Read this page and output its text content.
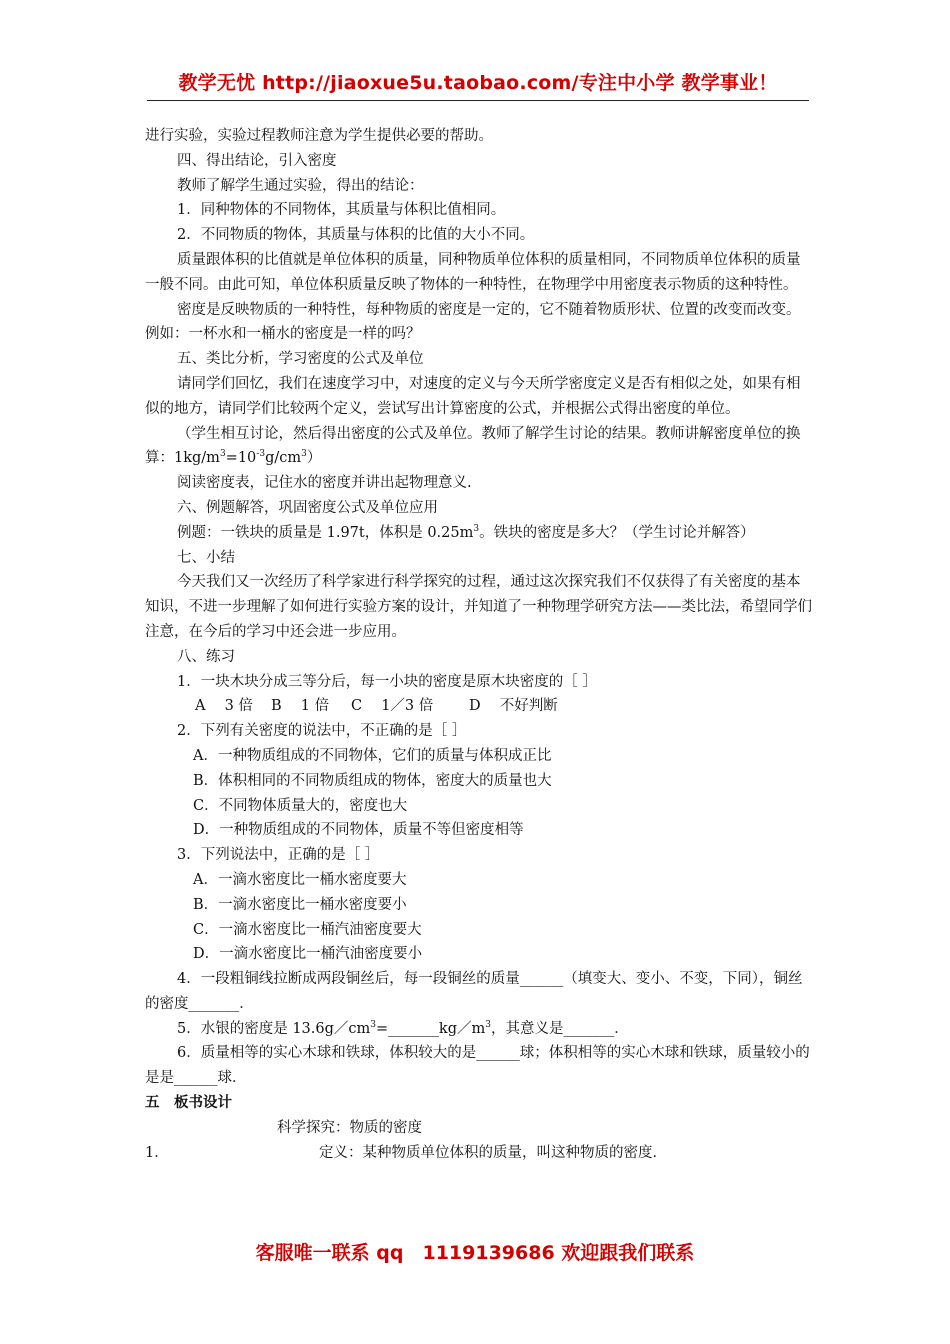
教学无忧 http://jiaoxue5u.taobao.com/专注中小学 教学事业！

进行实验，实验过程教师注意为学生提供必要的帮助。

四、得出结论，引入密度

教师了解学生通过实验，得出的结论：

1．同种物体的不同物体，其质量与体积比值相同。

2．不同物质的物体，其质量与体积的比值的大小不同。

质量跟体积的比值就是单位体积的质量，同种物质单位体积的质量相同，不同物质单位体积的质量一般不同。由此可知，单位体积质量反映了物体的一种特性，在物理学中用密度表示物质的这种特性。

密度是反映物质的一种特性，每种物质的密度是一定的，它不随着物质形状、位置的改变而改变。例如：一杯水和一桶水的密度是一样的吗？

五、类比分析，学习密度的公式及单位

请同学们回忆，我们在速度学习中，对速度的定义与今天所学密度定义是否有相似之处，如果有相似的地方，请同学们比较两个定义，尝试写出计算密度的公式，并根据公式得出密度的单位。

（学生相互讨论，然后得出密度的公式及单位。教师了解学生讨论的结果。教师讲解密度单位的换算：$1kg/m^3=10^{-3}g/cm^3$）

阅读密度表，记住水的密度并讲出起物理意义.

六、例题解答，巩固密度公式及单位应用

例题：一铁块的质量是 1.97t，体积是 $0.25m^3$。铁块的密度是多大？（学生讨论并解答）

七、小结

今天我们又一次经历了科学家进行科学探究的过程，通过这次探究我们不仅获得了有关密度的基本知识，不进一步理解了如何进行实验方案的设计，并知道了一种物理学研究方法——类比法，希望同学们注意，在今后的学习中还会进一步应用。

八、练习

1．一块木块分成三等分后，每一小块的密度是原木块密度的［ ］

A　 3 倍 B　 1 倍 C　 1／3 倍 D　 不好判断

2．下列有关密度的说法中，不正确的是［ ］

A．一种物质组成的不同物体，它们的质量与体积成正比

B．体积相同的不同物质组成的物体，密度大的质量也大

C．不同物体质量大的，密度也大

D．一种物质组成的不同物体，质量不等但密度相等

3．下列说法中，正确的是［ ］

A．一滴水密度比一桶水密度要大

B．一滴水密度比一桶水密度要小

C．一滴水密度比一桶汽油密度要大

D．一滴水密度比一桶汽油密度要小

4．一段粗铜线拉断成两段铜丝后，每一段铜丝的质量______（填变大、变小、不变，下同），铜丝的密度_______．

5．水银的密度是 $13.6g/cm^3=\_\_\_\_\_\_\_kg/m^3$，其意义是_______．

6．质量相等的实心木球和铁球，体积较大的是______球；体积相等的实心木球和铁球，质量较小的是是______球．

五　板书设计

科学探究：物质的密度

1．	定义：某种物质单位体积的质量，叫这种物质的密度．

客服唯一联系 qq　1119139686 欢迎跟我们联系
